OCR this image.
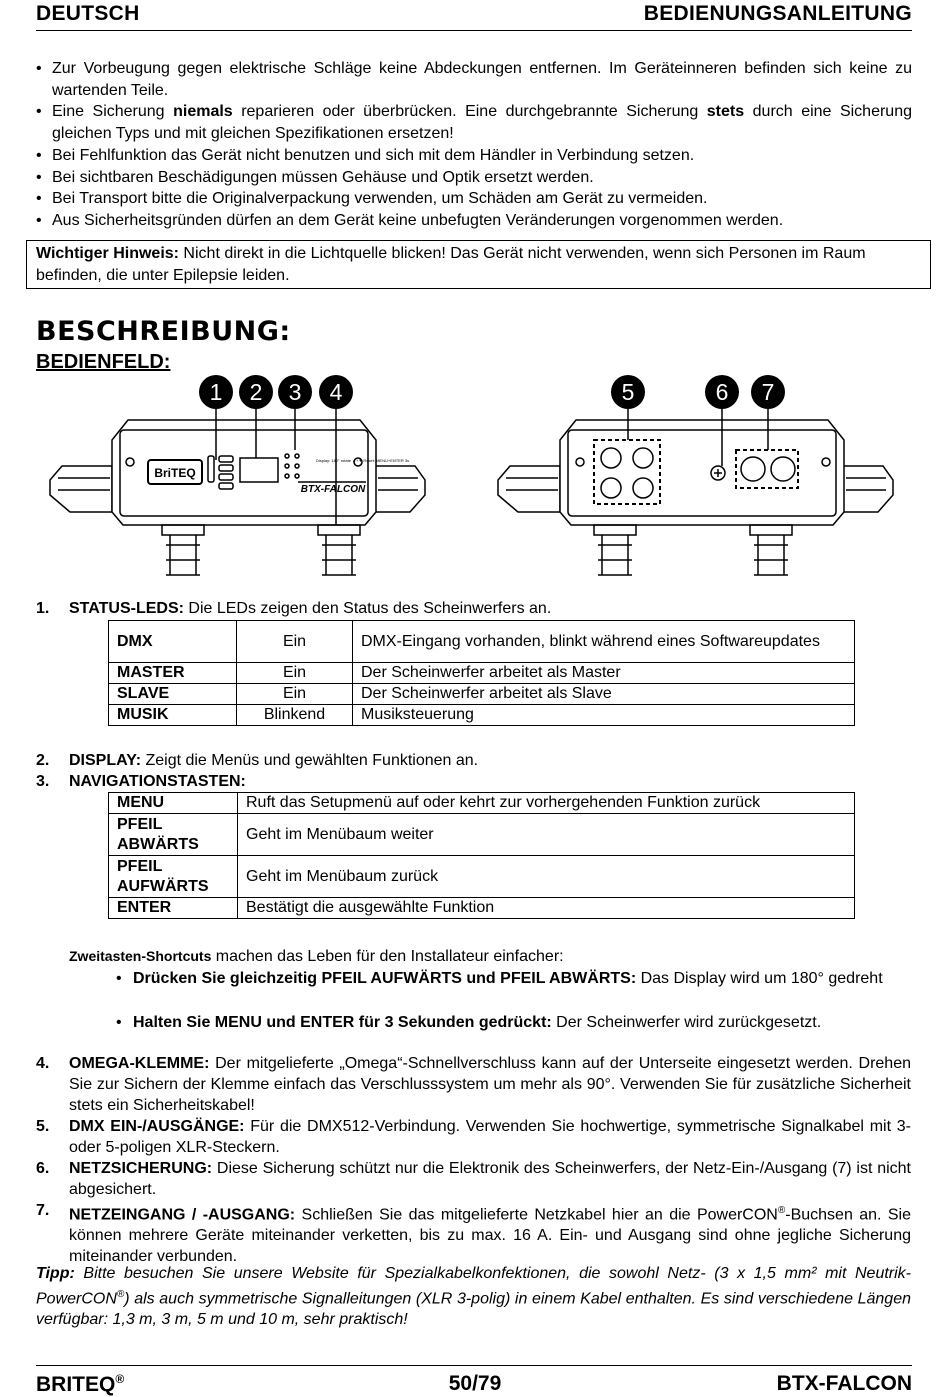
DEUTSCH	BEDIENUNGSANLEITUNG
• Zur Vorbeugung gegen elektrische Schläge keine Abdeckungen entfernen. Im Geräteinneren befinden sich keine zu wartenden Teile.
• Eine Sicherung niemals reparieren oder überbrücken. Eine durchgebrannte Sicherung stets durch eine Sicherung gleichen Typs und mit gleichen Spezifikationen ersetzen!
• Bei Fehlfunktion das Gerät nicht benutzen und sich mit dem Händler in Verbindung setzen.
• Bei sichtbaren Beschädigungen müssen Gehäuse und Optik ersetzt werden.
• Bei Transport bitte die Originalverpackung verwenden, um Schäden am Gerät zu vermeiden.
• Aus Sicherheitsgründen dürfen an dem Gerät keine unbefugten Veränderungen vorgenommen werden.
Wichtiger Hinweis: Nicht direkt in die Lichtquelle blicken! Das Gerät nicht verwenden, wenn sich Personen im Raum befinden, die unter Epilepsie leiden.
BESCHREIBUNG:
BEDIENFELD:
BriTEQ
BTX-FALCON
Display: 180° rotate ▲+▼ Reset: MENU+ENTER 3s
1 2 3 4	5	6 7
1. STATUS-LEDS: Die LEDs zeigen den Status des Scheinwerfers an.
DMX	Ein	DMX-Eingang vorhanden, blinkt während eines Softwareupdates
MASTER	Ein	Der Scheinwerfer arbeitet als Master
SLAVE	Ein	Der Scheinwerfer arbeitet als Slave
MUSIK	Blinkend	Musiksteuerung
2. DISPLAY: Zeigt die Menüs und gewählten Funktionen an.
3. NAVIGATIONSTASTEN:
MENU	Ruft das Setupmenü auf oder kehrt zur vorhergehenden Funktion zurück
PFEIL ABWÄRTS	Geht im Menübaum weiter
PFEIL AUFWÄRTS	Geht im Menübaum zurück
ENTER	Bestätigt die ausgewählte Funktion
Zweitasten-Shortcuts machen das Leben für den Installateur einfacher:
• Drücken Sie gleichzeitig PFEIL AUFWÄRTS und PFEIL ABWÄRTS: Das Display wird um 180° gedreht
• Halten Sie MENU und ENTER für 3 Sekunden gedrückt: Der Scheinwerfer wird zurückgesetzt.
4. OMEGA-KLEMME: Der mitgelieferte „Omega“-Schnellverschluss kann auf der Unterseite eingesetzt werden. Drehen Sie zur Sichern der Klemme einfach das Verschlusssystem um mehr als 90°. Verwenden Sie für zusätzliche Sicherheit stets ein Sicherheitskabel!
5. DMX EIN-/AUSGÄNGE: Für die DMX512-Verbindung. Verwenden Sie hochwertige, symmetrische Signalkabel mit 3- oder 5-poligen XLR-Steckern.
6. NETZSICHERUNG: Diese Sicherung schützt nur die Elektronik des Scheinwerfers, der Netz-Ein-/Ausgang (7) ist nicht abgesichert.
7. NETZEINGANG / -AUSGANG: Schließen Sie das mitgelieferte Netzkabel hier an die PowerCON®-Buchsen an. Sie können mehrere Geräte miteinander verketten, bis zu max. 16 A. Ein- und Ausgang sind ohne jegliche Sicherung miteinander verbunden.
Tipp: Bitte besuchen Sie unsere Website für Spezialkabelkonfektionen, die sowohl Netz- (3 x 1,5 mm² mit Neutrik-PowerCON®) als auch symmetrische Signalleitungen (XLR 3-polig) in einem Kabel enthalten. Es sind verschiedene Längen verfügbar: 1,3 m, 3 m, 5 m und 10 m, sehr praktisch!
BRITEQ®	50/79	BTX-FALCON
